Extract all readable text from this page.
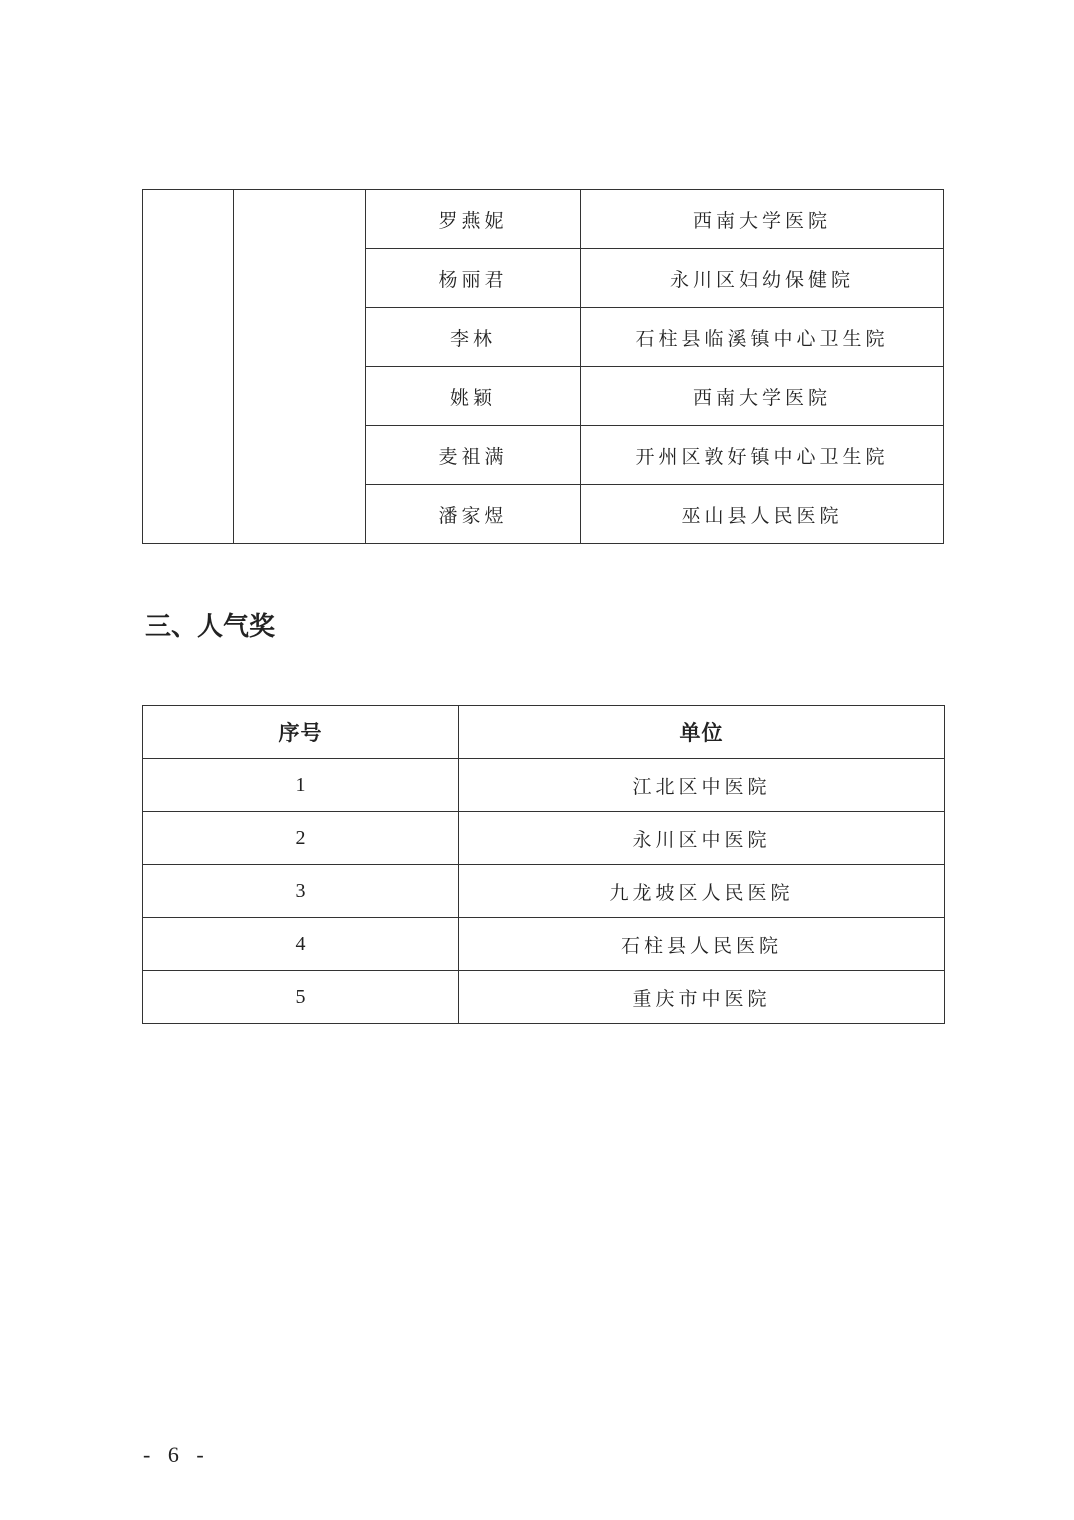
		罗燕妮	西南大学医院
		杨丽君	永川区妇幼保健院
		李林	石柱县临溪镇中心卫生院
		姚颖	西南大学医院
		麦祖满	开州区敦好镇中心卫生院
		潘家煜	巫山县人民医院
三、人气奖
序号	单位
1	江北区中医院
2	永川区中医院
3	九龙坡区人民医院
4	石柱县人民医院
5	重庆市中医院
- 6 -
